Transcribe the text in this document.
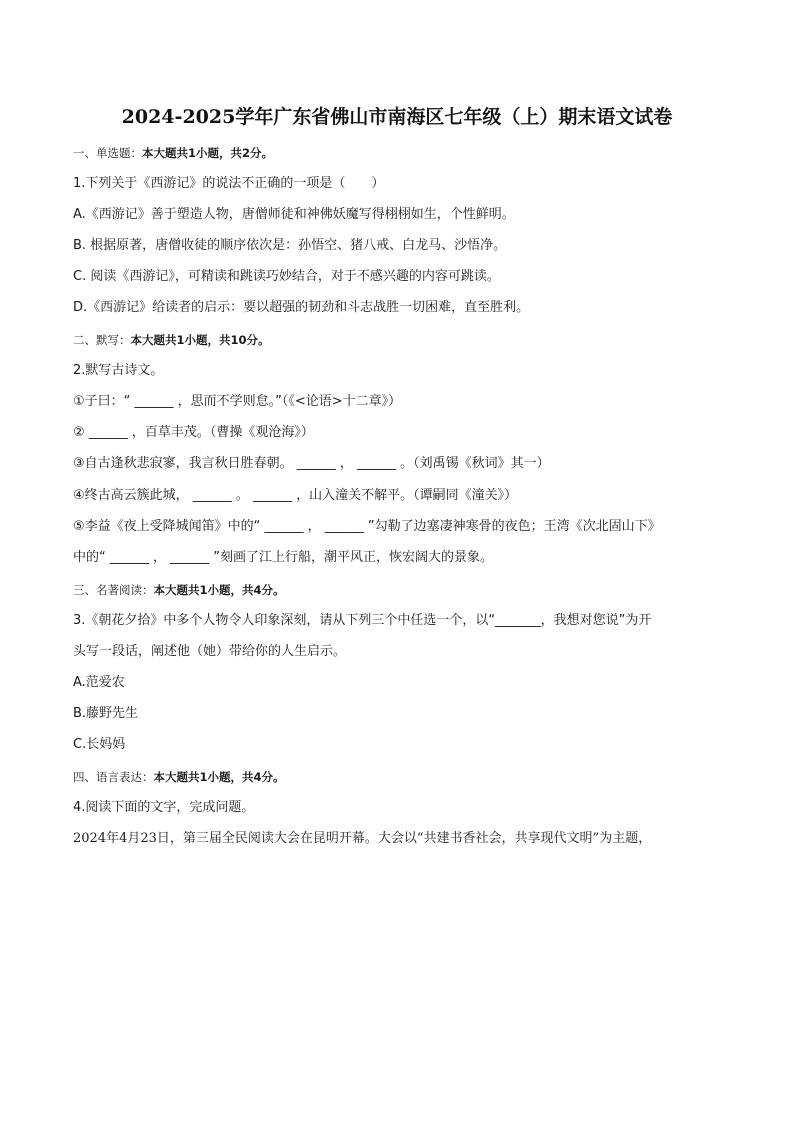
2024-2025学年广东省佛山市南海区七年级（上）期末语文试卷
一、单选题：本大题共1小题，共2分。
1.下列关于《西游记》的说法不正确的一项是（　　）
A.《西游记》善于塑造人物，唐僧师徒和神佛妖魔写得栩栩如生，个性鲜明。
B. 根据原著，唐僧收徒的顺序依次是：孙悟空、猪八戒、白龙马、沙悟净。
C. 阅读《西游记》，可精读和跳读巧妙结合，对于不感兴趣的内容可跳读。
D.《西游记》给读者的启示：要以超强的韧劲和斗志战胜一切困难，直至胜利。
二、默写：本大题共1小题，共10分。
2.默写古诗文。
①子曰：“ ______ ，思而不学则怠。”（《<论语>十二章》）
② ______ ，百草丰茂。（曹操《观沧海》）
③自古逢秋悲寂寥，我言秋日胜春朝。 ______ ， ______ 。（刘禹锡《秋词》其一）
④终古高云簇此城， ______ 。 ______ ，山入潼关不解平。（谭嗣同《潼关》）
⑤李益《夜上受降城闻笛》中的“ ______ ， ______ ”勾勒了边塞凄神寒骨的夜色；王湾《次北固山下》
中的“ ______ ， ______ ”刻画了江上行船，潮平风正，恢宏阔大的景象。
三、名著阅读：本大题共1小题，共4分。
3.《朝花夕拾》中多个人物令人印象深刻，请从下列三个中任选一个，以“_______，我想对您说”为开
头写一段话，阐述他（她）带给你的人生启示。
A.范爱农
B.藤野先生
C.长妈妈
四、语言表达：本大题共1小题，共4分。
4.阅读下面的文字，完成问题。
2024年4月23日，第三届全民阅读大会在昆明开幕。大会以“共建书香社会，共享现代文明”为主题，
